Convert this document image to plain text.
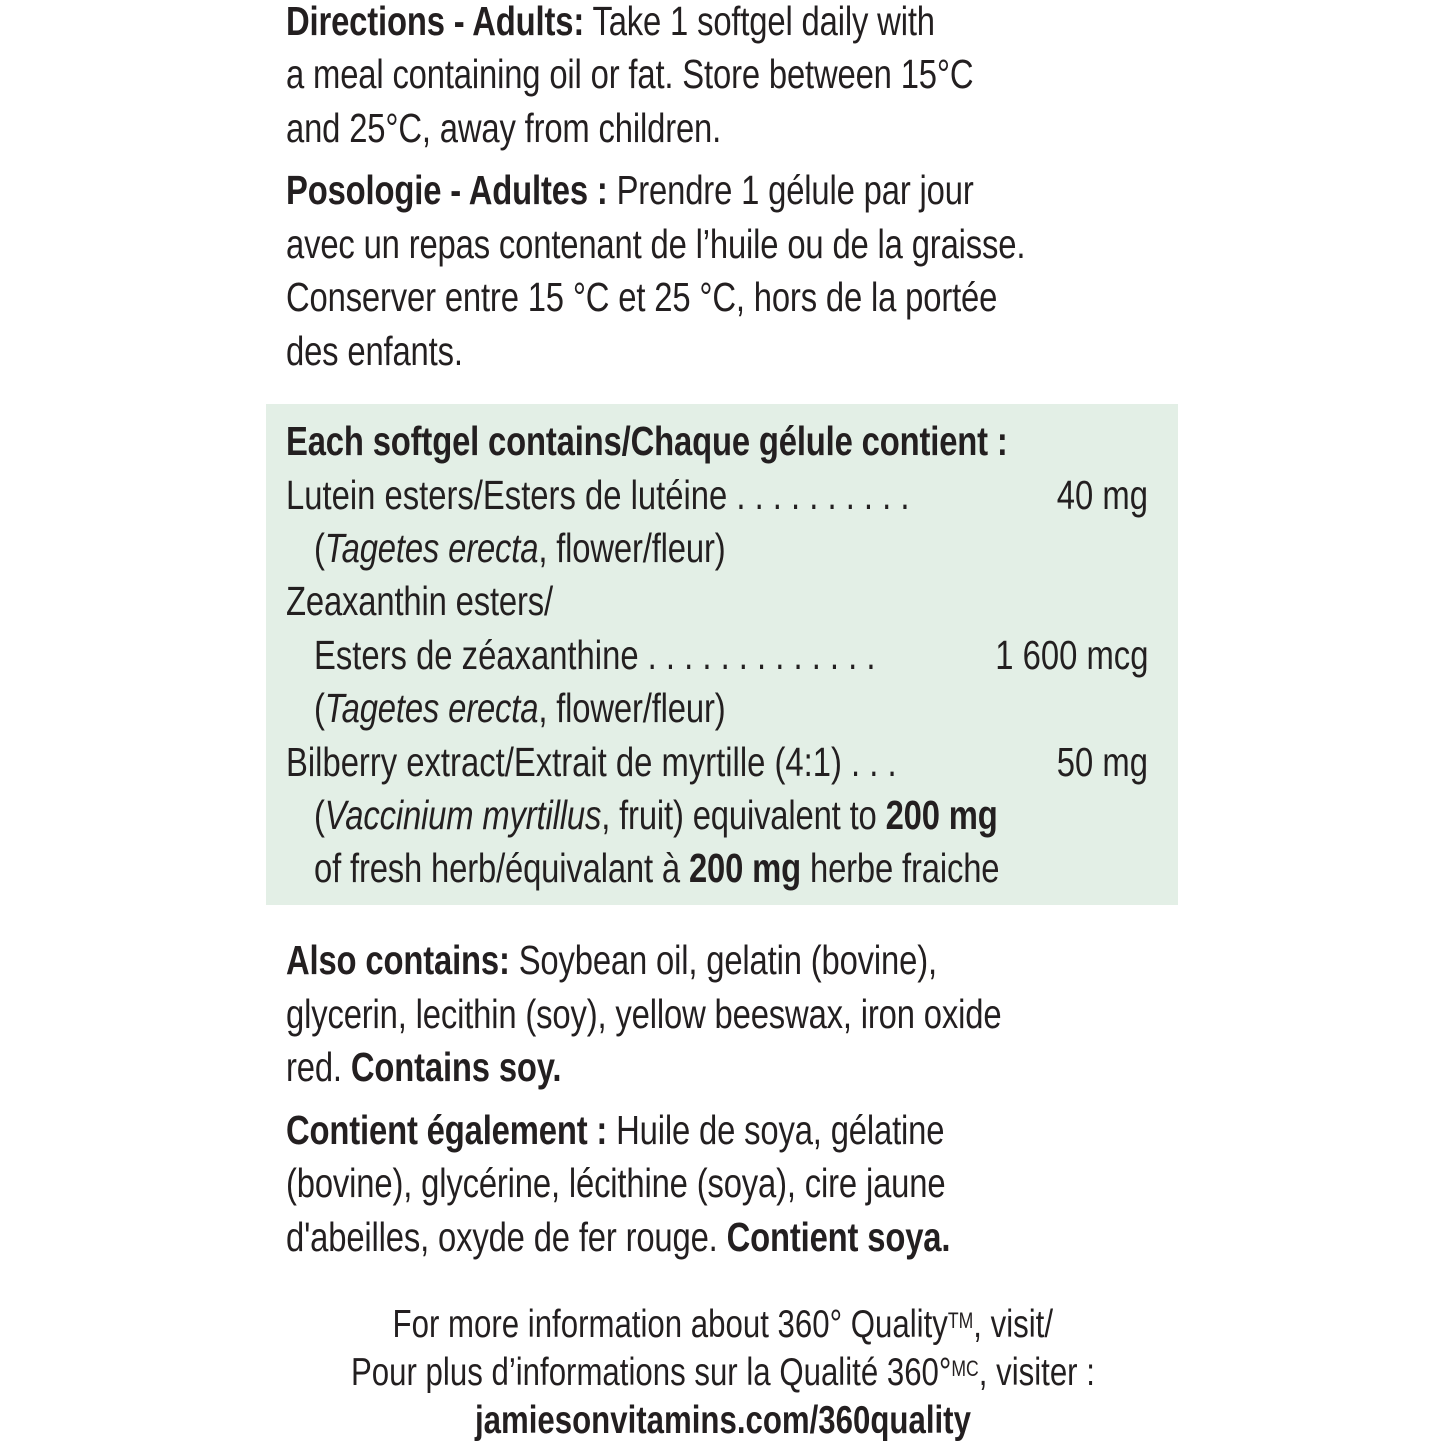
Directions - Adults: Take 1 softgel daily with
a meal containing oil or fat. Store between 15°C
and 25°C, away from children.
Posologie - Adultes : Prendre 1 gélule par jour
avec un repas contenant de l’huile ou de la graisse.
Conserver entre 15 °C et 25 °C, hors de la portée
des enfants.
Each softgel contains/Chaque gélule contient :
Lutein esters/Esters de lutéine . . . . . . . . . .	40 mg
(Tagetes erecta, flower/fleur)
Zeaxanthin esters/
Esters de zéaxanthine . . . . . . . . . . . . .	1 600 mcg
(Tagetes erecta, flower/fleur)
Bilberry extract/Extrait de myrtille (4:1) . . .	50 mg
(Vaccinium myrtillus, fruit) equivalent to 200 mg
of fresh herb/équivalant à 200 mg herbe fraiche
Also contains: Soybean oil, gelatin (bovine),
glycerin, lecithin (soy), yellow beeswax, iron oxide
red. Contains soy.
Contient également : Huile de soya, gélatine
(bovine), glycérine, lécithine (soya), cire jaune
d'abeilles, oxyde de fer rouge. Contient soya.
For more information about 360° Quality™, visit/
Pour plus d’informations sur la Qualité 360°$^{MC}$, visiter :
jamiesonvitamins.com/360quality
